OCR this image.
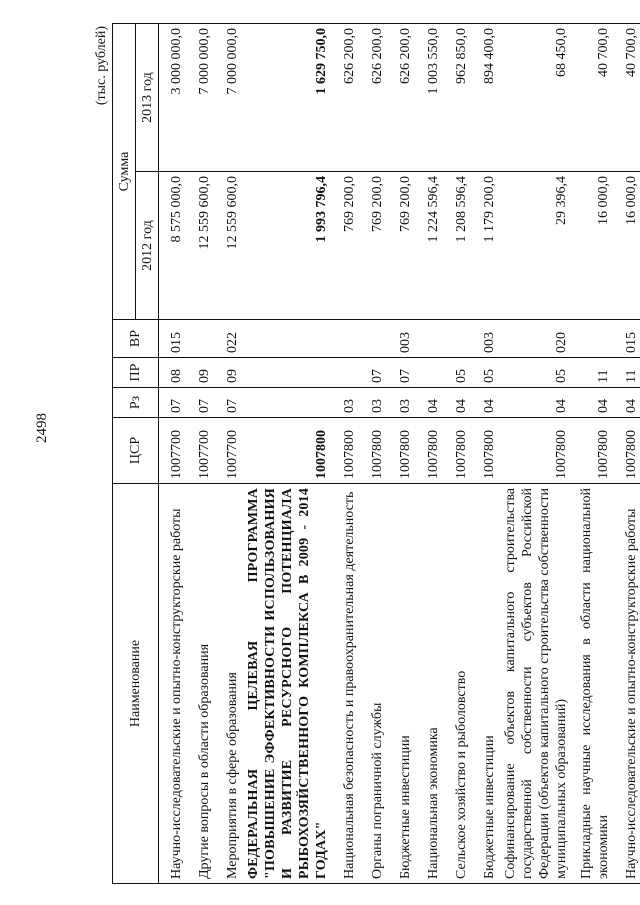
2498
(тыс. рублей)
Наименование	ЦСР	Рз	ПР	ВР	Сумма	
					2012 год	2013 год
Научно-исследовательские и опытно-конструкторские работы	1007700	07	08	015	8 575 000,0	3 000 000,0
Другие вопросы в области образования	1007700	07	09		12 559 600,0	7 000 000,0
Мероприятия в сфере образования	1007700	07	09	022	12 559 600,0	7 000 000,0
ФЕДЕРАЛЬНАЯ ЦЕЛЕВАЯ ПРОГРАММА "ПОВЫШЕНИЕ ЭФФЕКТИВНОСТИ ИСПОЛЬЗОВАНИЯ И РАЗВИТИЕ РЕСУРСНОГО ПОТЕНЦИАЛА РЫБОХОЗЯЙСТВЕННОГО КОМПЛЕКСА В 2009 - 2014 ГОДАХ"	1007800				1 993 796,4	1 629 750,0
Национальная безопасность и правоохранительная деятельность	1007800	03			769 200,0	626 200,0
Органы пограничной службы	1007800	03	07		769 200,0	626 200,0
Бюджетные инвестиции	1007800	03	07	003	769 200,0	626 200,0
Национальная экономика	1007800	04			1 224 596,4	1 003 550,0
Сельское хозяйство и рыболовство	1007800	04	05		1 208 596,4	962 850,0
Бюджетные инвестиции	1007800	04	05	003	1 179 200,0	894 400,0
Софинансирование объектов капитального строительства государственной собственности субъектов Российской Федерации (объектов капитального строительства собственности муниципальных образований)	1007800	04	05	020	29 396,4	68 450,0
Прикладные научные исследования в области национальной экономики	1007800	04	11		16 000,0	40 700,0
Научно-исследовательские и опытно-конструкторские работы	1007800	04	11	015	16 000,0	40 700,0
